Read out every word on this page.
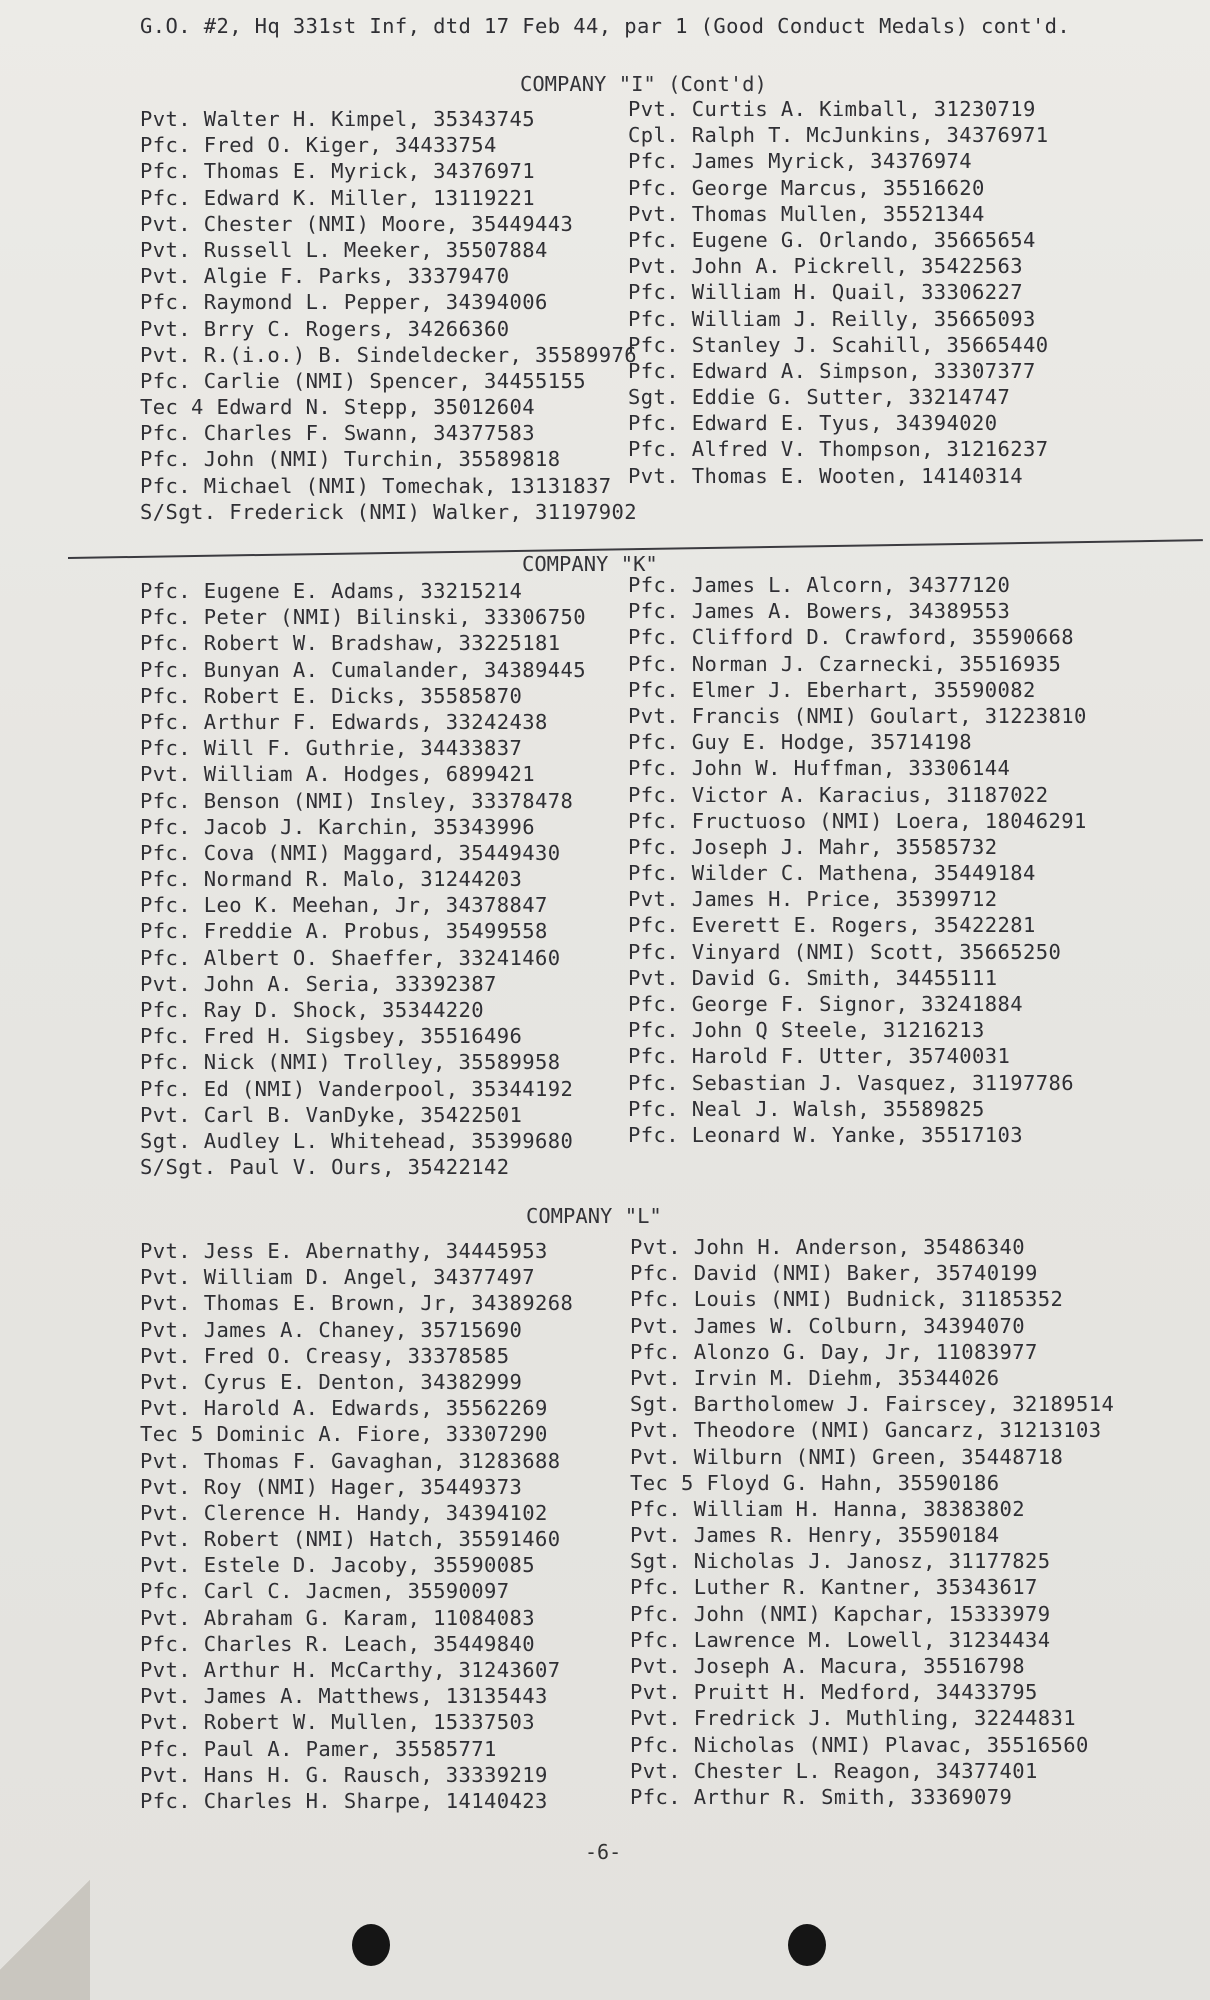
G.O. #2, Hq 331st Inf, dtd 17 Feb 44, par 1 (Good Conduct Medals) cont'd.
COMPANY "I" (Cont'd)
Pvt. Walter H. Kimpel, 35343745
Pfc. Fred O. Kiger, 34433754
Pfc. Thomas E. Myrick, 34376971
Pfc. Edward K. Miller, 13119221
Pvt. Chester (NMI) Moore, 35449443
Pvt. Russell L. Meeker, 35507884
Pvt. Algie F. Parks, 33379470
Pfc. Raymond L. Pepper, 34394006
Pvt. Brry C. Rogers, 34266360
Pvt. R.(i.o.) B. Sindeldecker, 35589976
Pfc. Carlie (NMI) Spencer, 34455155
Tec 4 Edward N. Stepp, 35012604
Pfc. Charles F. Swann, 34377583
Pfc. John (NMI) Turchin, 35589818
Pfc. Michael (NMI) Tomechak, 13131837
S/Sgt. Frederick (NMI) Walker, 31197902
Pvt. Curtis A. Kimball, 31230719
Cpl. Ralph T. McJunkins, 34376971
Pfc. James Myrick, 34376974
Pfc. George Marcus, 35516620
Pvt. Thomas Mullen, 35521344
Pfc. Eugene G. Orlando, 35665654
Pvt. John A. Pickrell, 35422563
Pfc. William H. Quail, 33306227
Pfc. William J. Reilly, 35665093
Pfc. Stanley J. Scahill, 35665440
Pfc. Edward A. Simpson, 33307377
Sgt. Eddie G. Sutter, 33214747
Pfc. Edward E. Tyus, 34394020
Pfc. Alfred V. Thompson, 31216237
Pvt. Thomas E. Wooten, 14140314
COMPANY "K"
Pfc. Eugene E. Adams, 33215214
Pfc. Peter (NMI) Bilinski, 33306750
Pfc. Robert W. Bradshaw, 33225181
Pfc. Bunyan A. Cumalander, 34389445
Pfc. Robert E. Dicks, 35585870
Pfc. Arthur F. Edwards, 33242438
Pfc. Will F. Guthrie, 34433837
Pvt. William A. Hodges, 6899421
Pfc. Benson (NMI) Insley, 33378478
Pfc. Jacob J. Karchin, 35343996
Pfc. Cova (NMI) Maggard, 35449430
Pfc. Normand R. Malo, 31244203
Pfc. Leo K. Meehan, Jr, 34378847
Pfc. Freddie A. Probus, 35499558
Pfc. Albert O. Shaeffer, 33241460
Pvt. John A. Seria, 33392387
Pfc. Ray D. Shock, 35344220
Pfc. Fred H. Sigsbey, 35516496
Pfc. Nick (NMI) Trolley, 35589958
Pfc. Ed (NMI) Vanderpool, 35344192
Pvt. Carl B. VanDyke, 35422501
Sgt. Audley L. Whitehead, 35399680
S/Sgt. Paul V. Ours, 35422142
Pfc. James L. Alcorn, 34377120
Pfc. James A. Bowers, 34389553
Pfc. Clifford D. Crawford, 35590668
Pfc. Norman J. Czarnecki, 35516935
Pfc. Elmer J. Eberhart, 35590082
Pvt. Francis (NMI) Goulart, 31223810
Pfc. Guy E. Hodge, 35714198
Pfc. John W. Huffman, 33306144
Pfc. Victor A. Karacius, 31187022
Pfc. Fructuoso (NMI) Loera, 18046291
Pfc. Joseph J. Mahr, 35585732
Pfc. Wilder C. Mathena, 35449184
Pvt. James H. Price, 35399712
Pfc. Everett E. Rogers, 35422281
Pfc. Vinyard (NMI) Scott, 35665250
Pvt. David G. Smith, 34455111
Pfc. George F. Signor, 33241884
Pfc. John Q Steele, 31216213
Pfc. Harold F. Utter, 35740031
Pfc. Sebastian J. Vasquez, 31197786
Pfc. Neal J. Walsh, 35589825
Pfc. Leonard W. Yanke, 35517103
COMPANY "L"
Pvt. Jess E. Abernathy, 34445953
Pvt. William D. Angel, 34377497
Pvt. Thomas E. Brown, Jr, 34389268
Pvt. James A. Chaney, 35715690
Pvt. Fred O. Creasy, 33378585
Pvt. Cyrus E. Denton, 34382999
Pvt. Harold A. Edwards, 35562269
Tec 5 Dominic A. Fiore, 33307290
Pvt. Thomas F. Gavaghan, 31283688
Pvt. Roy (NMI) Hager, 35449373
Pvt. Clerence H. Handy, 34394102
Pvt. Robert (NMI) Hatch, 35591460
Pvt. Estele D. Jacoby, 35590085
Pfc. Carl C. Jacmen, 35590097
Pvt. Abraham G. Karam, 11084083
Pfc. Charles R. Leach, 35449840
Pvt. Arthur H. McCarthy, 31243607
Pvt. James A. Matthews, 13135443
Pvt. Robert W. Mullen, 15337503
Pfc. Paul A. Pamer, 35585771
Pvt. Hans H. G. Rausch, 33339219
Pfc. Charles H. Sharpe, 14140423
Pvt. John H. Anderson, 35486340
Pfc. David (NMI) Baker, 35740199
Pfc. Louis (NMI) Budnick, 31185352
Pvt. James W. Colburn, 34394070
Pfc. Alonzo G. Day, Jr, 11083977
Pvt. Irvin M. Diehm, 35344026
Sgt. Bartholomew J. Fairscey, 32189514
Pvt. Theodore (NMI) Gancarz, 31213103
Pvt. Wilburn (NMI) Green, 35448718
Tec 5 Floyd G. Hahn, 35590186
Pfc. William H. Hanna, 38383802
Pvt. James R. Henry, 35590184
Sgt. Nicholas J. Janosz, 31177825
Pfc. Luther R. Kantner, 35343617
Pfc. John (NMI) Kapchar, 15333979
Pfc. Lawrence M. Lowell, 31234434
Pvt. Joseph A. Macura, 35516798
Pvt. Pruitt H. Medford, 34433795
Pvt. Fredrick J. Muthling, 32244831
Pfc. Nicholas (NMI) Plavac, 35516560
Pvt. Chester L. Reagon, 34377401
Pfc. Arthur R. Smith, 33369079
-6-
